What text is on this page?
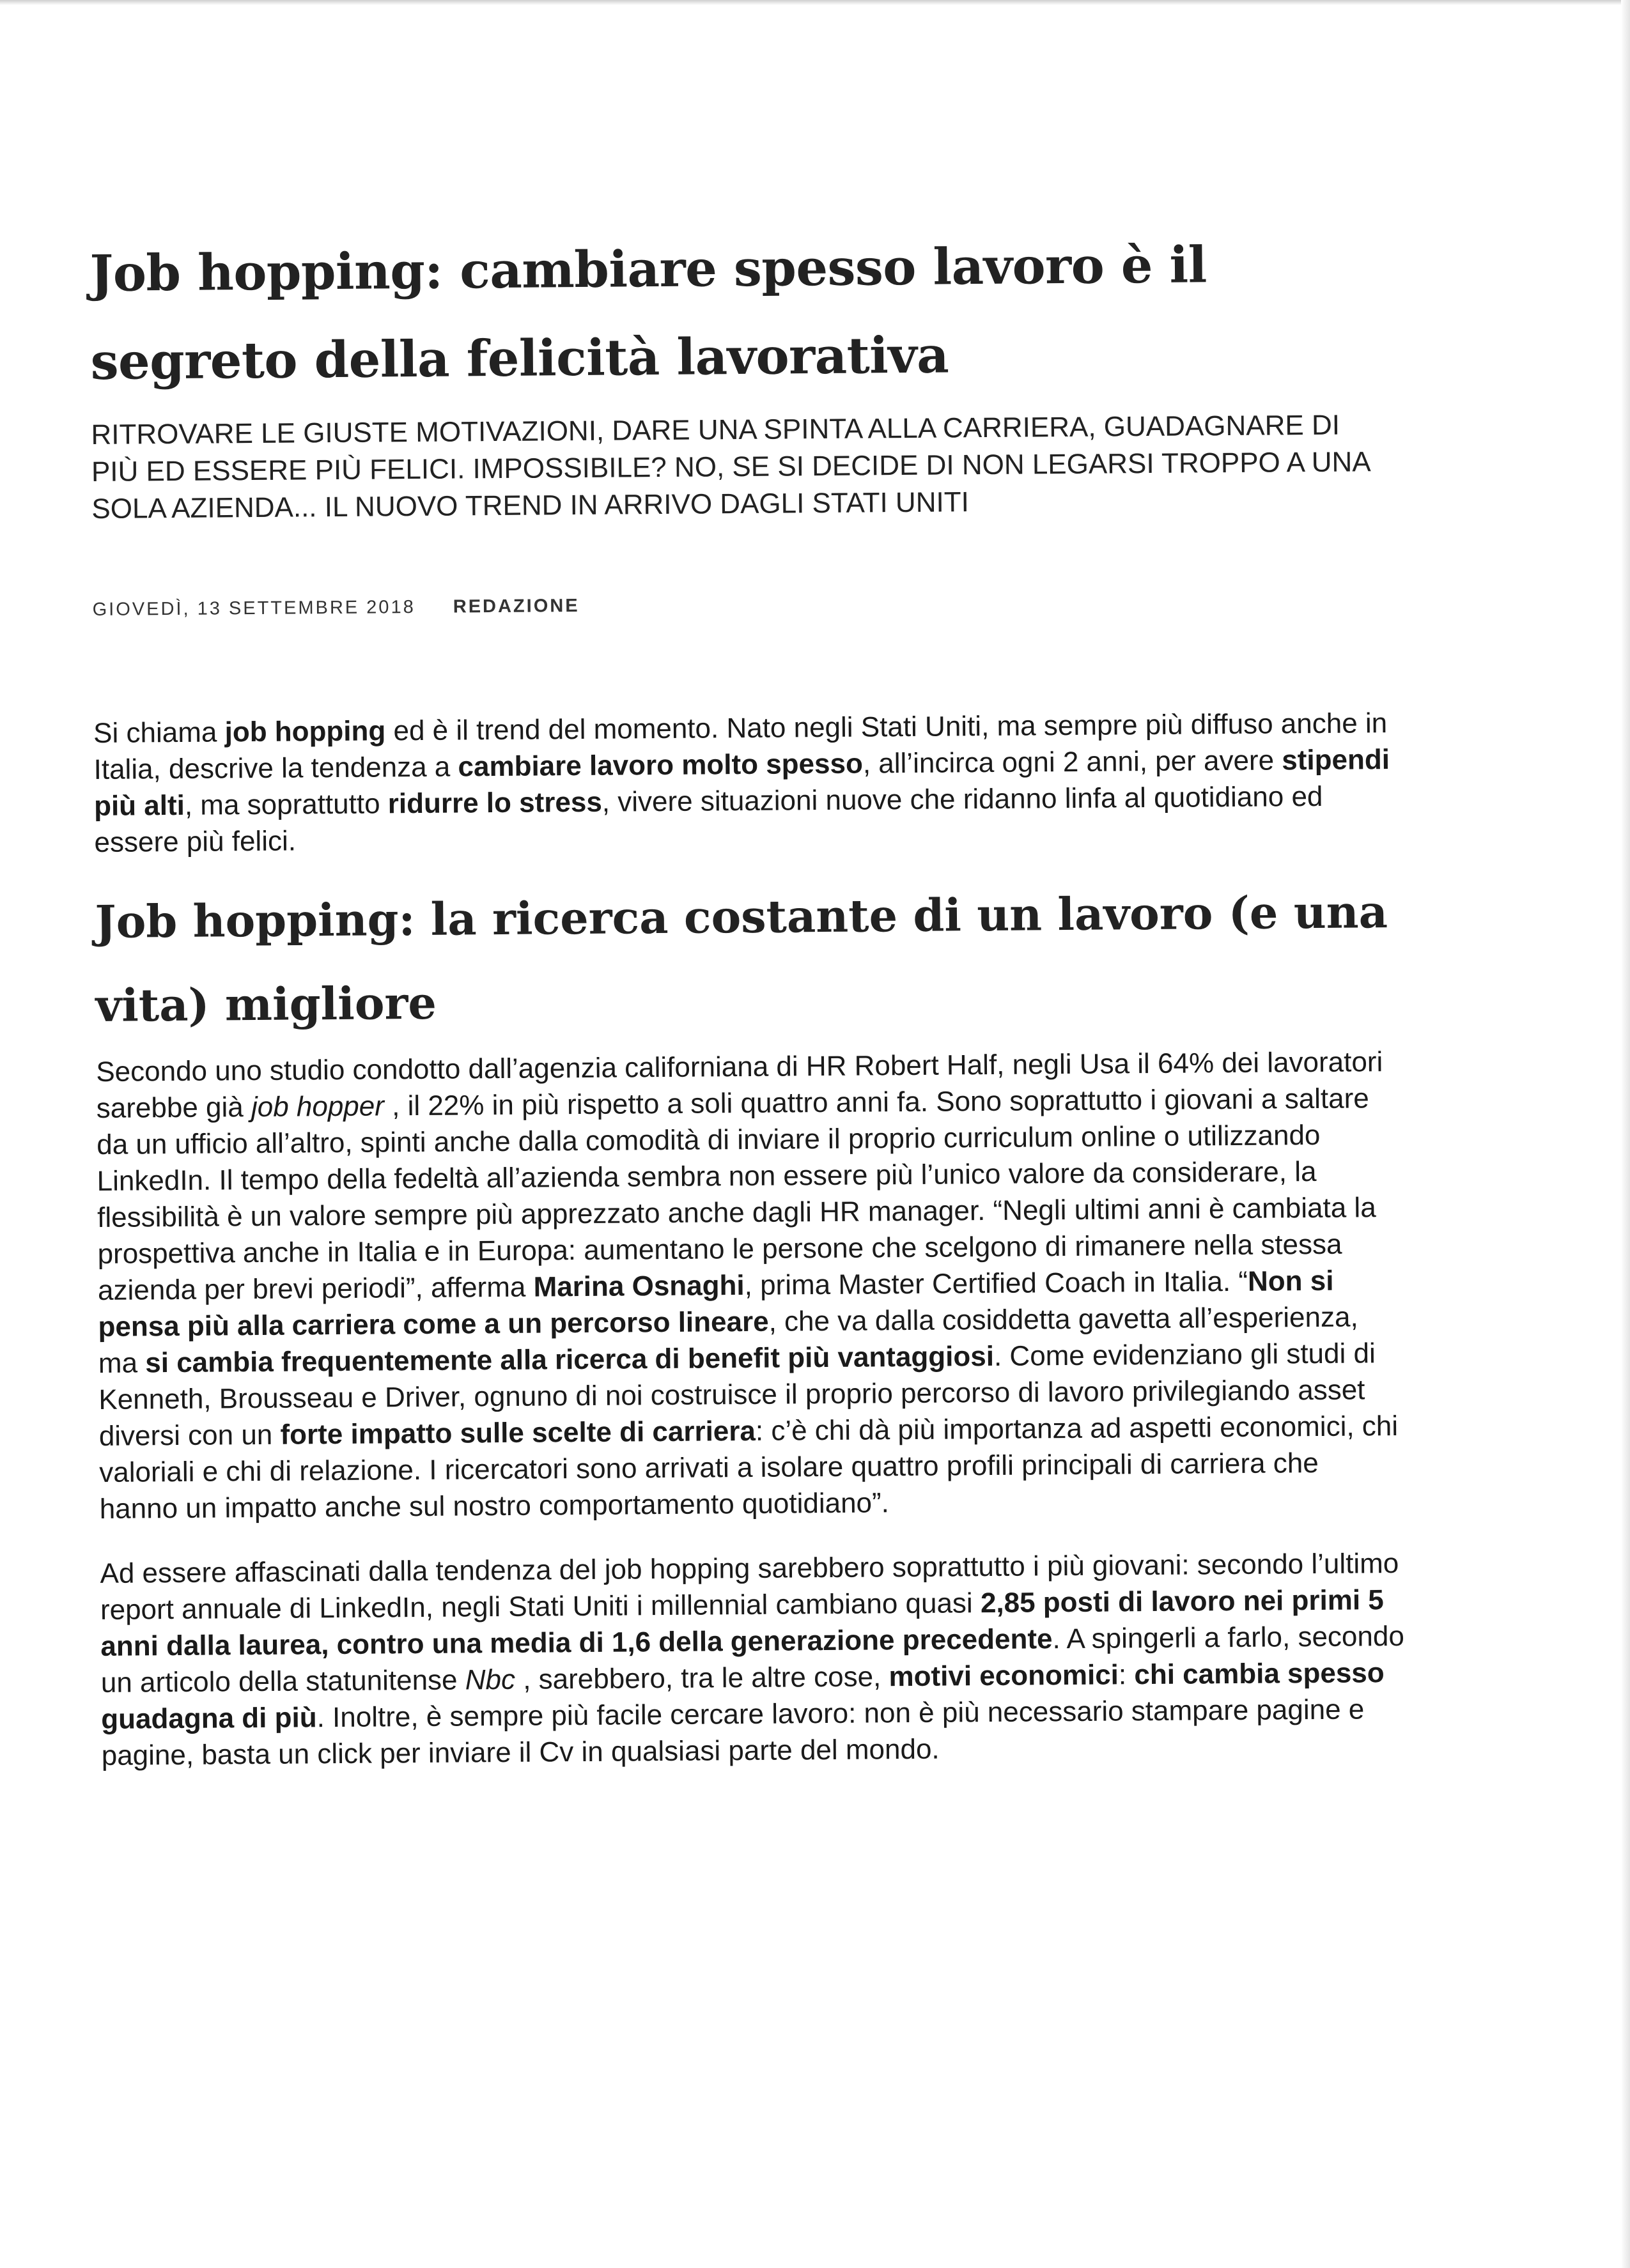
Job hopping: cambiare spesso lavoro è il segreto della felicità lavorativa

RITROVARE LE GIUSTE MOTIVAZIONI, DARE UNA SPINTA ALLA CARRIERA, GUADAGNARE DI PIÙ ED ESSERE PIÙ FELICI. IMPOSSIBILE? NO, SE SI DECIDE DI NON LEGARSI TROPPO A UNA SOLA AZIENDA... IL NUOVO TREND IN ARRIVO DAGLI STATI UNITI

GIOVEDÌ, 13 SETTEMBRE 2018 REDAZIONE

Si chiama job hopping ed è il trend del momento. Nato negli Stati Uniti, ma sempre più diffuso anche in Italia, descrive la tendenza a cambiare lavoro molto spesso, all’incirca ogni 2 anni, per avere stipendi più alti, ma soprattutto ridurre lo stress, vivere situazioni nuove che ridanno linfa al quotidiano ed essere più felici.

Job hopping: la ricerca costante di un lavoro (e una vita) migliore

Secondo uno studio condotto dall’agenzia californiana di HR Robert Half, negli Usa il 64% dei lavoratori sarebbe già job hopper , il 22% in più rispetto a soli quattro anni fa. Sono soprattutto i giovani a saltare da un ufficio all’altro, spinti anche dalla comodità di inviare il proprio curriculum online o utilizzando LinkedIn. Il tempo della fedeltà all’azienda sembra non essere più l’unico valore da considerare, la flessibilità è un valore sempre più apprezzato anche dagli HR manager. “Negli ultimi anni è cambiata la prospettiva anche in Italia e in Europa: aumentano le persone che scelgono di rimanere nella stessa azienda per brevi periodi”, afferma Marina Osnaghi, prima Master Certified Coach in Italia. “Non si pensa più alla carriera come a un percorso lineare, che va dalla cosiddetta gavetta all’esperienza, ma si cambia frequentemente alla ricerca di benefit più vantaggiosi. Come evidenziano gli studi di Kenneth, Brousseau e Driver, ognuno di noi costruisce il proprio percorso di lavoro privilegiando asset diversi con un forte impatto sulle scelte di carriera: c’è chi dà più importanza ad aspetti economici, chi valoriali e chi di relazione. I ricercatori sono arrivati a isolare quattro profili principali di carriera che hanno un impatto anche sul nostro comportamento quotidiano”.

Ad essere affascinati dalla tendenza del job hopping sarebbero soprattutto i più giovani: secondo l’ultimo report annuale di LinkedIn, negli Stati Uniti i millennial cambiano quasi 2,85 posti di lavoro nei primi 5 anni dalla laurea, contro una media di 1,6 della generazione precedente. A spingerli a farlo, secondo un articolo della statunitense Nbc , sarebbero, tra le altre cose, motivi economici: chi cambia spesso guadagna di più. Inoltre, è sempre più facile cercare lavoro: non è più necessario stampare pagine e pagine, basta un click per inviare il Cv in qualsiasi parte del mondo.
